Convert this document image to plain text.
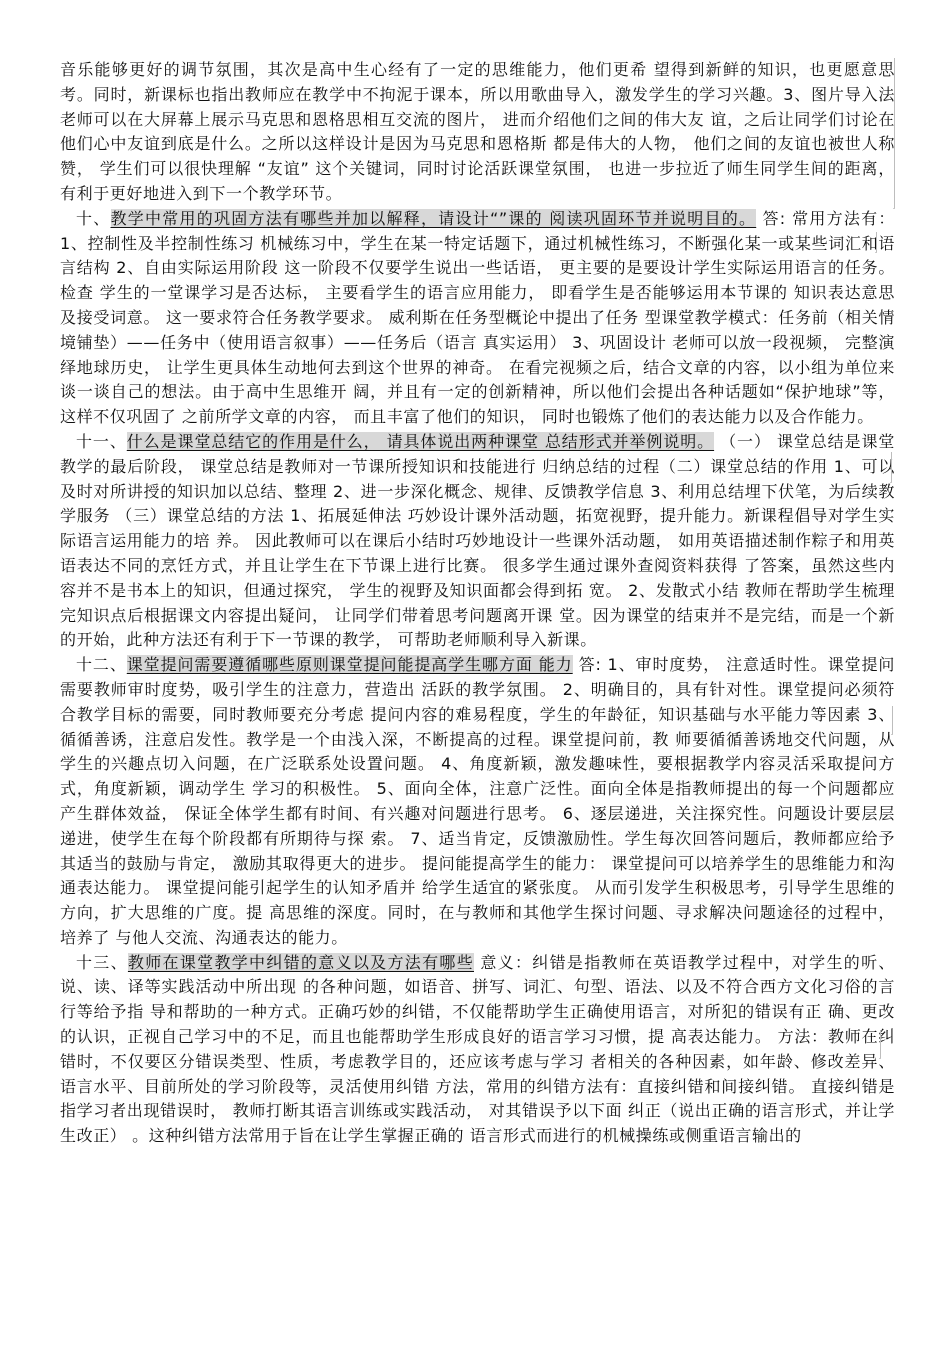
音乐能够更好的调节氛围，其次是高中生心经有了一定的思维能力，他们更希 望得到新鲜的知识，也更愿意思考。同时，新课标也指出教师应在教学中不拘泥于课本，所以用歌曲导入，激发学生的学习兴趣。3、图片导入法 老师可以在大屏幕上展示马克思和恩格思相互交流的图片， 进而介绍他们之间的伟大友 谊，之后让同学们讨论在他们心中友谊到底是什么。之所以这样设计是因为马克思和恩格斯 都是伟大的人物， 他们之间的友谊也被世人称赞， 学生们可以很快理解 “友谊” 这个关键词，同时讨论活跃课堂氛围， 也进一步拉近了师生同学生间的距离， 有利于更好地进入到下一个教学环节。

十、教学中常用的巩固方法有哪些并加以解释，请设计“”课的 阅读巩固环节并说明目的。 答: 常用方法有： 1、控制性及半控制性练习 机械练习中，学生在某一特定话题下，通过机械性练习，不断强化某一或某些词汇和语 言结构 2、自由实际运用阶段 这一阶段不仅要学生说出一些话语， 更主要的是要设计学生实际运用语言的任务。 检查 学生的一堂课学习是否达标， 主要看学生的语言应用能力， 即看学生是否能够运用本节课的 知识表达意思及接受词意。 这一要求符合任务教学要求。 威利斯在任务型概论中提出了任务 型课堂教学模式：任务前（相关情境铺垫）——任务中（使用语言叙事）——任务后（语言 真实运用） 3、巩固设计 老师可以放一段视频， 完整演绎地球历史， 让学生更具体生动地何去到这个世界的神奇。 在看完视频之后，结合文章的内容，以小组为单位来谈一谈自己的想法。由于高中生思维开 阔，并且有一定的创新精神，所以他们会提出各种话题如“保护地球”等，这样不仅巩固了 之前所学文章的内容， 而且丰富了他们的知识， 同时也锻炼了他们的表达能力以及合作能力。

十一、什么是课堂总结它的作用是什么， 请具体说出两种课堂 总结形式并举例说明。 （一） 课堂总结是课堂教学的最后阶段， 课堂总结是教师对一节课所授知识和技能进行 归纳总结的过程（二）课堂总结的作用 1、可以及时对所讲授的知识加以总结、整理 2、进一步深化概念、规律、反馈教学信息 3、利用总结埋下伏笔，为后续教学服务 （三）课堂总结的方法 1、拓展延伸法 巧妙设计课外活动题，拓宽视野，提升能力。新课程倡导对学生实际语言运用能力的培 养。 因此教师可以在课后小结时巧妙地设计一些课外活动题， 如用英语描述制作粽子和用英 语表达不同的烹饪方式，并且让学生在下节课上进行比赛。 很多学生通过课外查阅资料获得 了答案，虽然这些内容并不是书本上的知识，但通过探究， 学生的视野及知识面都会得到拓 宽。 2、发散式小结 教师在帮助学生梳理完知识点后根据课文内容提出疑问， 让同学们带着思考问题离开课 堂。因为课堂的结束并不是完结，而是一个新的开始，此种方法还有利于下一节课的教学， 可帮助老师顺利导入新课。

十二、课堂提问需要遵循哪些原则课堂提问能提高学生哪方面 能力 答: 1、审时度势， 注意适时性。课堂提问需要教师审时度势，吸引学生的注意力，营造出 活跃的教学氛围。 2、明确目的，具有针对性。课堂提问必须符合教学目标的需要，同时教师要充分考虑 提问内容的难易程度，学生的年龄征，知识基础与水平能力等因素 3、循循善诱，注意启发性。教学是一个由浅入深，不断提高的过程。课堂提问前，教 师要循循善诱地交代问题，从学生的兴趣点切入问题，在广泛联系处设置问题。 4、角度新颖，激发趣味性，要根据教学内容灵活采取提问方式，角度新颖，调动学生 学习的积极性。 5、面向全体，注意广泛性。面向全体是指教师提出的每一个问题都应产生群体效益， 保证全体学生都有时间、有兴趣对问题进行思考。 6、逐层递进，关注探究性。问题设计要层层递进，使学生在每个阶段都有所期待与探 索。 7、适当肯定，反馈激励性。学生每次回答问题后，教师都应给予其适当的鼓励与肯定， 激励其取得更大的进步。 提问能提高学生的能力： 课堂提问可以培养学生的思维能力和沟通表达能力。 课堂提问能引起学生的认知矛盾并 给学生适宜的紧张度。 从而引发学生积极思考，引导学生思维的方向，扩大思维的广度。提 高思维的深度。同时，在与教师和其他学生探讨问题、寻求解决问题途径的过程中，培养了 与他人交流、沟通表达的能力。

十三、教师在课堂教学中纠错的意义以及方法有哪些 意义：纠错是指教师在英语教学过程中，对学生的听、说、读、译等实践活动中所出现 的各种问题，如语音、拼写、词汇、句型、语法、以及不符合西方文化习俗的言行等给予指 导和帮助的一种方式。正确巧妙的纠错，不仅能帮助学生正确使用语言，对所犯的错误有正 确、更改的认识，正视自己学习中的不足，而且也能帮助学生形成良好的语言学习习惯，提 高表达能力。 方法：教师在纠错时，不仅要区分错误类型、性质，考虑教学目的，还应该考虑与学习 者相关的各种因素，如年龄、修改差异、语言水平、目前所处的学习阶段等，灵活使用纠错 方法，常用的纠错方法有：直接纠错和间接纠错。 直接纠错是指学习者出现错误时， 教师打断其语言训练或实践活动， 对其错误予以下面 纠正（说出正确的语言形式，并让学生改正） 。这种纠错方法常用于旨在让学生掌握正确的 语言形式而进行的机械操练或侧重语言输出的
